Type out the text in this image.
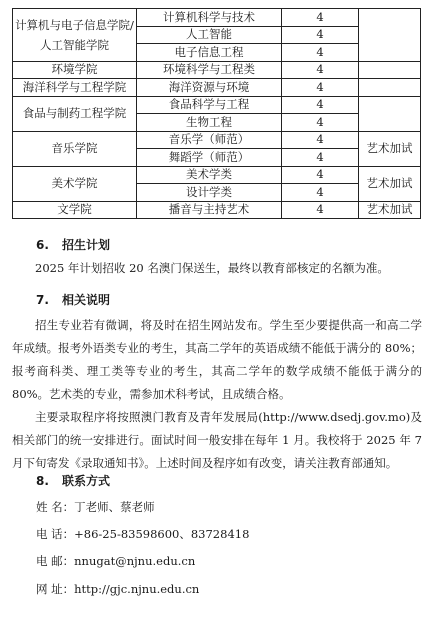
计算机与电子信息学院/人工智能学院	计算机科学与技术	4	
	人工智能	4	
	电子信息工程	4	
环境学院	环境科学与工程类	4	
海洋科学与工程学院	海洋资源与环境	4	
食品与制药工程学院	食品科学与工程	4	
	生物工程	4	
音乐学院	音乐学（师范）	4	艺术加试
	舞蹈学（师范）	4	
美术学院	美术学类	4	艺术加试
	设计学类	4	
文学院	播音与主持艺术	4	艺术加试
6. 招生计划
2025 年计划招收 20 名澳门保送生，最终以教育部核定的名额为准。
7. 相关说明
招生专业若有微调，将及时在招生网站发布。学生至少要提供高一和高二学年成绩。报考外语类专业的考生，其高二学年的英语成绩不能低于满分的 80%；报考商科类、理工类等专业的考生，其高二学年的数学成绩不能低于满分的 80%。艺术类的专业，需参加术科考试，且成绩合格。
主要录取程序将按照澳门教育及青年发展局(http://www.dsedj.gov.mo)及相关部门的统一安排进行。面试时间一般安排在每年 1 月。我校将于 2025 年 7 月下旬寄发《录取通知书》。上述时间及程序如有改变，请关注教育部通知。
8. 联系方式
姓 名：丁老师、蔡老师
电 话：+86-25-83598600、83728418
电 邮：nnugat@njnu.edu.cn
网 址：http://gjc.njnu.edu.cn
